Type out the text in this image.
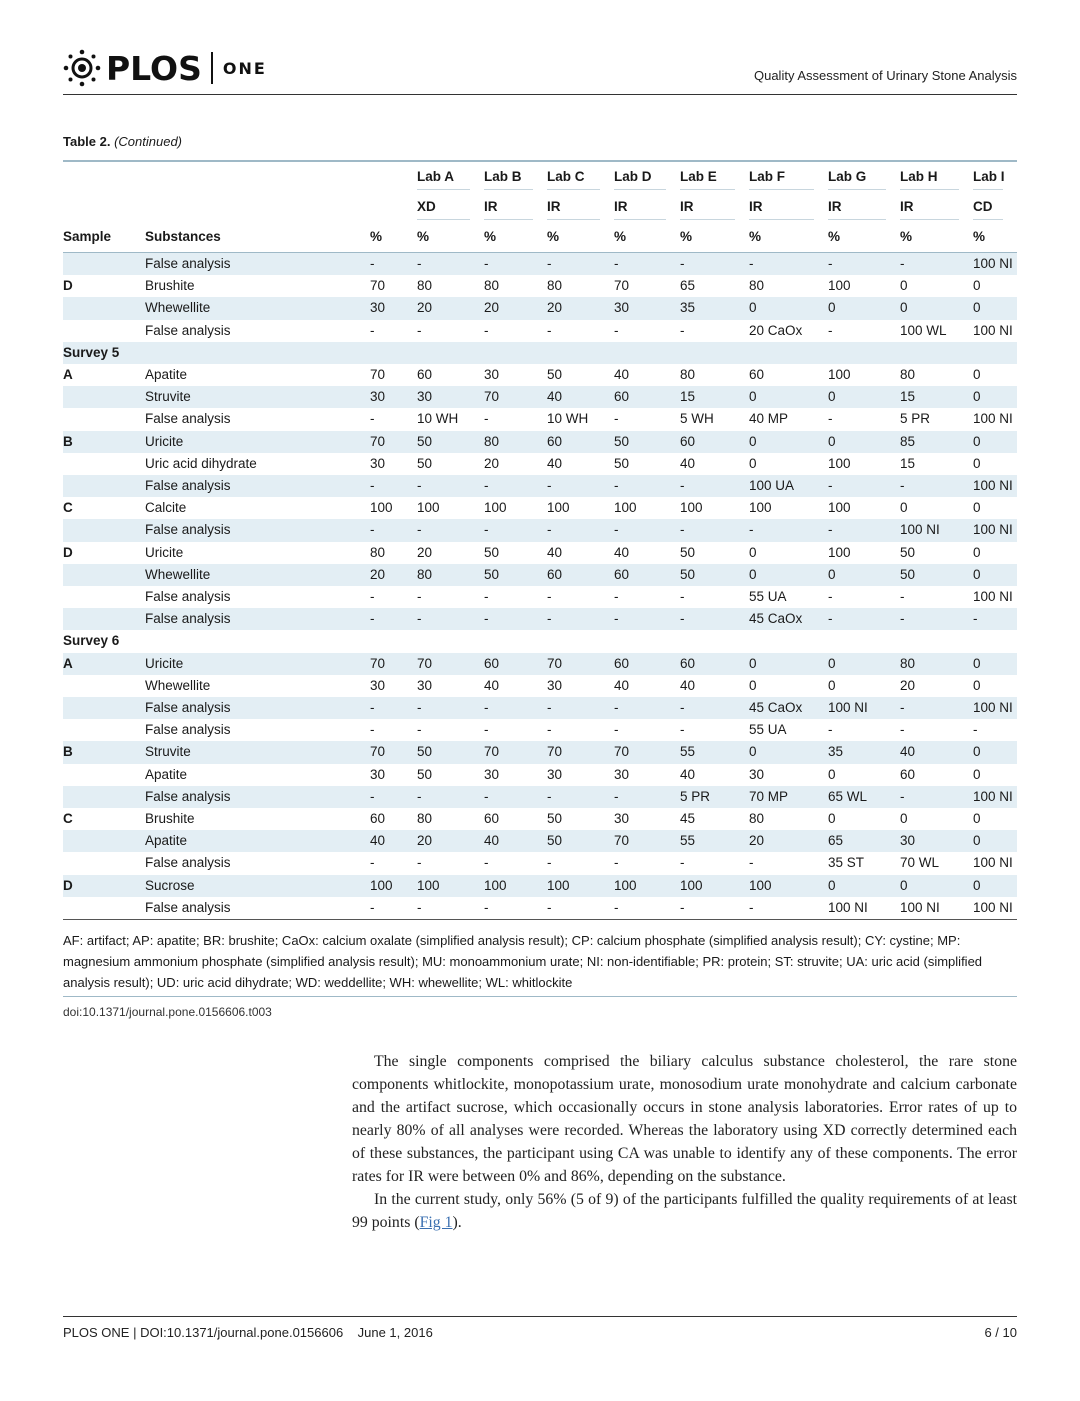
PLOS ONE	Quality Assessment of Urinary Stone Analysis
Table 2. (Continued)
			Lab A	Lab B	Lab C	Lab D	Lab E	Lab F	Lab G	Lab H	Lab I
			XD	IR	IR	IR	IR	IR	IR	IR	CD
Sample	Substances	%	%	%	%	%	%	%	%	%	%
	False analysis	-	-	-	-	-	-	-	-	-	100 NI
D	Brushite	70	80	80	80	70	65	80	100	0	0
	Whewellite	30	20	20	20	30	35	0	0	0	0
	False analysis	-	-	-	-	-	-	20 CaOx	-	100 WL	100 NI
Survey 5											
A	Apatite	70	60	30	50	40	80	60	100	80	0
	Struvite	30	30	70	40	60	15	0	0	15	0
	False analysis	-	10 WH	-	10 WH	-	5 WH	40 MP	-	5 PR	100 NI
B	Uricite	70	50	80	60	50	60	0	0	85	0
	Uric acid dihydrate	30	50	20	40	50	40	0	100	15	0
	False analysis	-	-	-	-	-	-	100 UA	-	-	100 NI
C	Calcite	100	100	100	100	100	100	100	100	0	0
	False analysis	-	-	-	-	-	-	-	-	100 NI	100 NI
D	Uricite	80	20	50	40	40	50	0	100	50	0
	Whewellite	20	80	50	60	60	50	0	0	50	0
	False analysis	-	-	-	-	-	-	55 UA	-	-	100 NI
	False analysis	-	-	-	-	-	-	45 CaOx	-	-	-
Survey 6											
A	Uricite	70	70	60	70	60	60	0	0	80	0
	Whewellite	30	30	40	30	40	40	0	0	20	0
	False analysis	-	-	-	-	-	-	45 CaOx	100 NI	-	100 NI
	False analysis	-	-	-	-	-	-	55 UA	-	-	-
B	Struvite	70	50	70	70	70	55	0	35	40	0
	Apatite	30	50	30	30	30	40	30	0	60	0
	False analysis	-	-	-	-	-	5 PR	70 MP	65 WL	-	100 NI
C	Brushite	60	80	60	50	30	45	80	0	0	0
	Apatite	40	20	40	50	70	55	20	65	30	0
	False analysis	-	-	-	-	-	-	-	35 ST	70 WL	100 NI
D	Sucrose	100	100	100	100	100	100	100	0	0	0
	False analysis	-	-	-	-	-	-	-	100 NI	100 NI	100 NI
AF: artifact; AP: apatite; BR: brushite; CaOx: calcium oxalate (simplified analysis result); CP: calcium phosphate (simplified analysis result); CY: cystine; MP: magnesium ammonium phosphate (simplified analysis result); MU: monoammonium urate; NI: non-identifiable; PR: protein; ST: struvite; UA: uric acid (simplified analysis result); UD: uric acid dihydrate; WD: weddellite; WH: whewellite; WL: whitlockite
doi:10.1371/journal.pone.0156606.t003

The single components comprised the biliary calculus substance cholesterol, the rare stone components whitlockite, monopotassium urate, monosodium urate monohydrate and calcium carbonate and the artifact sucrose, which occasionally occurs in stone analysis laboratories. Error rates of up to nearly 80% of all analyses were recorded. Whereas the laboratory using XD correctly determined each of these substances, the participant using CA was unable to identify any of these components. The error rates for IR were between 0% and 86%, depending on the substance.

In the current study, only 56% (5 of 9) of the participants fulfilled the quality requirements of at least 99 points (Fig 1).

PLOS ONE | DOI:10.1371/journal.pone.0156606    June 1, 2016	6 / 10
